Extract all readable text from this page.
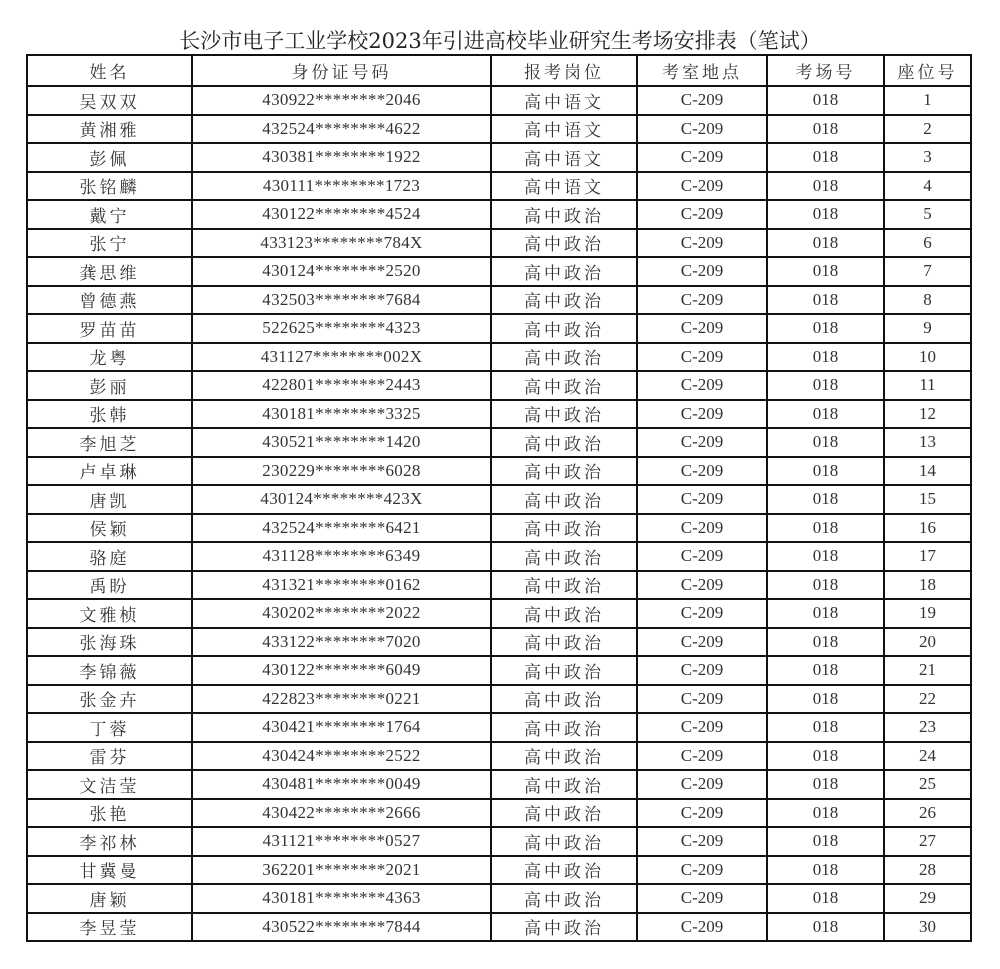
长沙市电子工业学校2023年引进高校毕业研究生考场安排表（笔试）
姓名	身份证号码	报考岗位	考室地点	考场号	座位号
吴双双	430922********2046	高中语文	C-209	018	1
黄湘雅	432524********4622	高中语文	C-209	018	2
彭佩	430381********1922	高中语文	C-209	018	3
张铭麟	430111********1723	高中语文	C-209	018	4
戴宁	430122********4524	高中政治	C-209	018	5
张宁	433123********784X	高中政治	C-209	018	6
龚思维	430124********2520	高中政治	C-209	018	7
曾德燕	432503********7684	高中政治	C-209	018	8
罗苗苗	522625********4323	高中政治	C-209	018	9
龙粤	431127********002X	高中政治	C-209	018	10
彭丽	422801********2443	高中政治	C-209	018	11
张韩	430181********3325	高中政治	C-209	018	12
李旭芝	430521********1420	高中政治	C-209	018	13
卢卓琳	230229********6028	高中政治	C-209	018	14
唐凯	430124********423X	高中政治	C-209	018	15
侯颖	432524********6421	高中政治	C-209	018	16
骆庭	431128********6349	高中政治	C-209	018	17
禹盼	431321********0162	高中政治	C-209	018	18
文雅桢	430202********2022	高中政治	C-209	018	19
张海珠	433122********7020	高中政治	C-209	018	20
李锦薇	430122********6049	高中政治	C-209	018	21
张金卉	422823********0221	高中政治	C-209	018	22
丁蓉	430421********1764	高中政治	C-209	018	23
雷芬	430424********2522	高中政治	C-209	018	24
文洁莹	430481********0049	高中政治	C-209	018	25
张艳	430422********2666	高中政治	C-209	018	26
李祁林	431121********0527	高中政治	C-209	018	27
甘冀曼	362201********2021	高中政治	C-209	018	28
唐颖	430181********4363	高中政治	C-209	018	29
李昱莹	430522********7844	高中政治	C-209	018	30
